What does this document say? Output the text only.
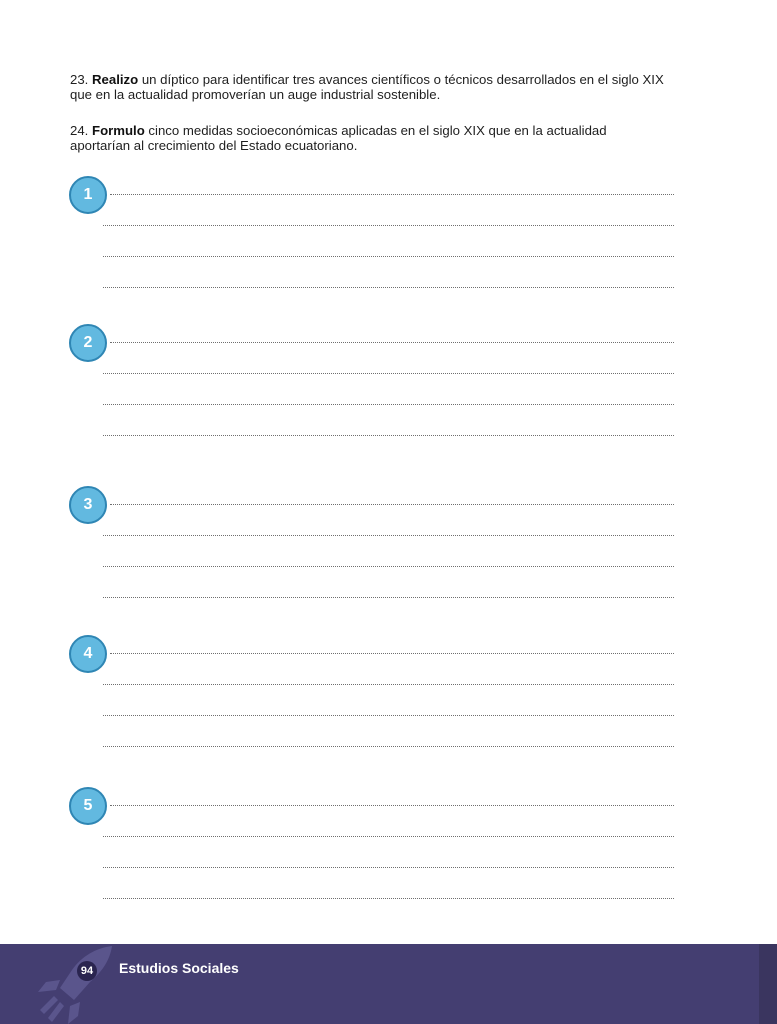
23. Realizo un díptico para identificar tres avances científicos o técnicos desarrollados en el siglo XIX que en la actualidad promoverían un auge industrial sostenible.
24. Formulo cinco medidas socioeconómicas aplicadas en el siglo XIX que en la actualidad aportarían al crecimiento del Estado ecuatoriano.
1
2
3
4
5
94 Estudios Sociales
